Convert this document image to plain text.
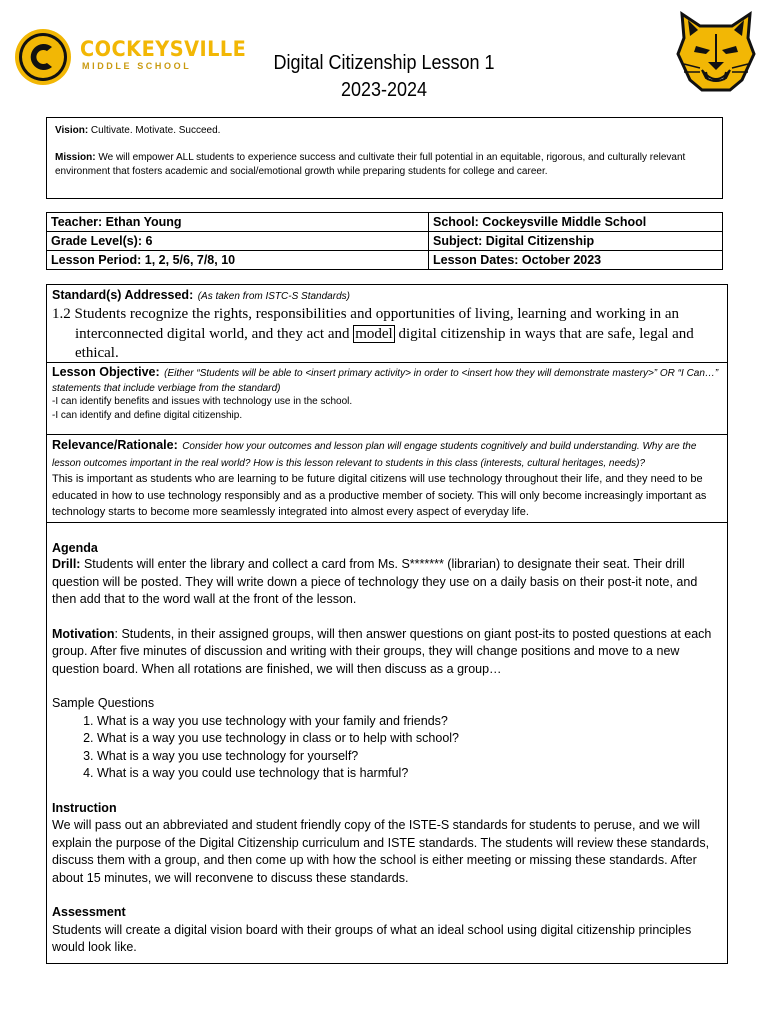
COCKEYSVILLE
MIDDLE SCHOOL	Digital Citizenship Lesson 1
2023-2024
Vision: Cultivate. Motivate. Succeed.
Mission: We will empower ALL students to experience success and cultivate their full potential in an equitable, rigorous, and culturally relevant environment that fosters academic and social/emotional growth while preparing students for college and career.
Teacher: Ethan Young	School: Cockeysville Middle School
Grade Level(s): 6	Subject: Digital Citizenship
Lesson Period: 1, 2, 5/6, 7/8, 10	Lesson Dates: October 2023
Standard(s) Addressed: (As taken from ISTC-S Standards)
1.2 Students recognize the rights, responsibilities and opportunities of living, learning and working in an interconnected digital world, and they act and model digital citizenship in ways that are safe, legal and ethical.
Lesson Objective: (Either “Students will be able to <insert primary activity> in order to <insert how they will demonstrate mastery>” OR “I Can…” statements that include verbiage from the standard)
-I can identify benefits and issues with technology use in the school.
-I can identify and define digital citizenship.
Relevance/Rationale: Consider how your outcomes and lesson plan will engage students cognitively and build understanding. Why are the lesson outcomes important in the real world? How is this lesson relevant to students in this class (interests, cultural heritages, needs)?
This is important as students who are learning to be future digital citizens will use technology throughout their life, and they need to be educated in how to use technology responsibly and as a productive member of society. This will only become increasingly important as technology starts to become more seamlessly integrated into almost every aspect of everyday life.
Agenda
Drill: Students will enter the library and collect a card from Ms. S******* (librarian) to designate their seat. Their drill question will be posted. They will write down a piece of technology they use on a daily basis on their post-it note, and then add that to the word wall at the front of the lesson.
Motivation: Students, in their assigned groups, will then answer questions on giant post-its to posted questions at each group. After five minutes of discussion and writing with their groups, they will change positions and move to a new question board. When all rotations are finished, we will then discuss as a group…
Sample Questions
1. What is a way you use technology with your family and friends?
2. What is a way you use technology in class or to help with school?
3. What is a way you use technology for yourself?
4. What is a way you could use technology that is harmful?
Instruction
We will pass out an abbreviated and student friendly copy of the ISTE-S standards for students to peruse, and we will explain the purpose of the Digital Citizenship curriculum and ISTE standards. The students will review these standards, discuss them with a group, and then come up with how the school is either meeting or missing these standards. After about 15 minutes, we will reconvene to discuss these standards.
Assessment
Students will create a digital vision board with their groups of what an ideal school using digital citizenship principles would look like.
